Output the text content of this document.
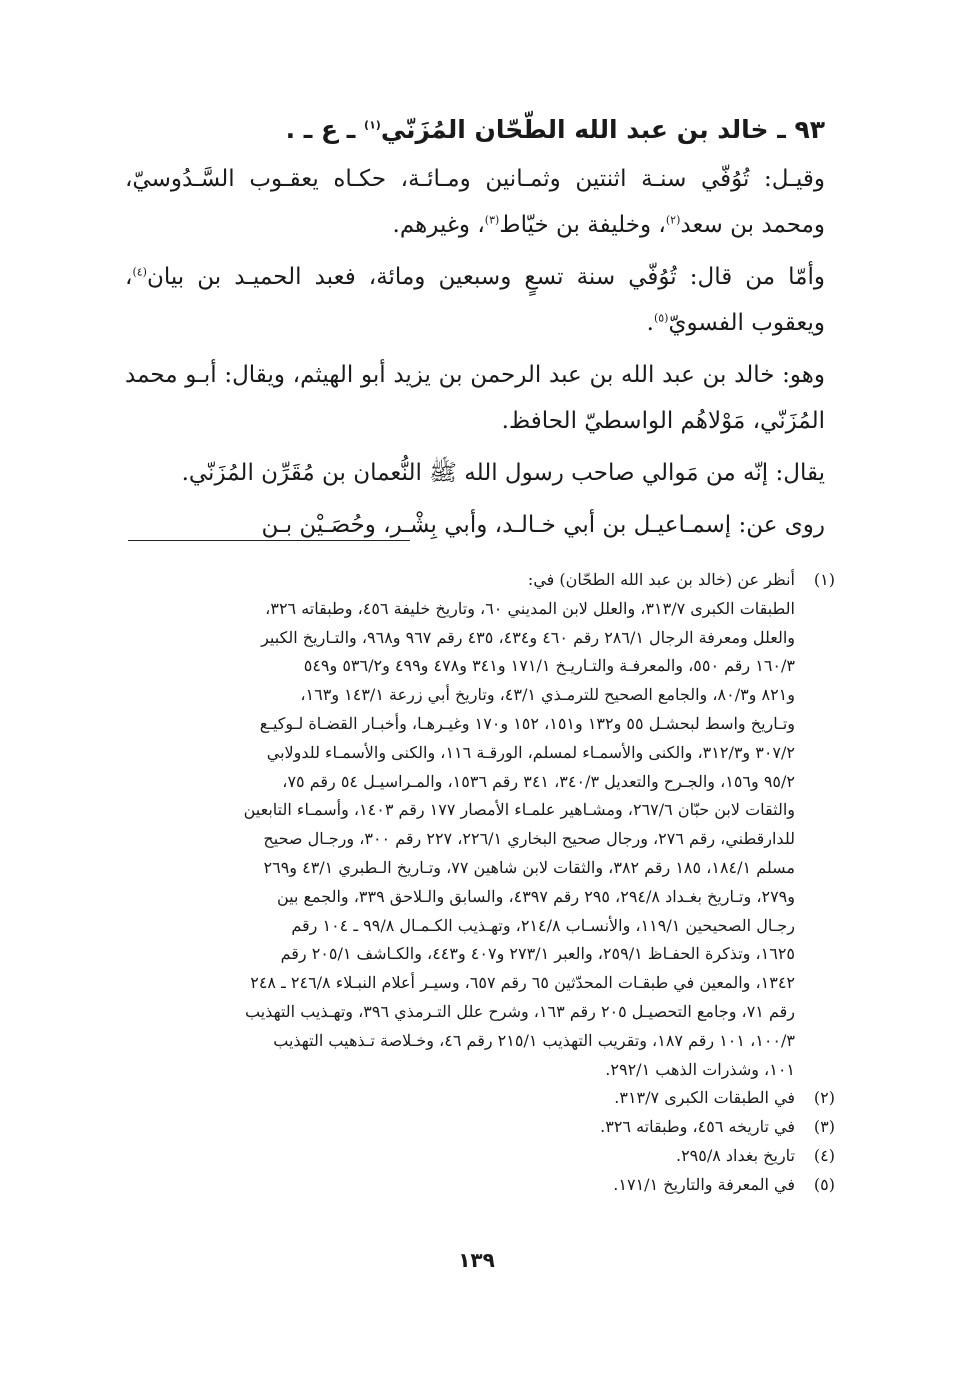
٩٣ ـ خالد بن عبد الله الطّحّان المُزَنّي$^{(١)}$ ـ ع ـ .

وقيـل: تُوُفّي سنـة اثنتين وثمـانين ومـائـة، حكـاه يعقـوب السَّـدُوسيّ، ومحمد بن سعد$^{(٢)}$، وخليفة بن خيّاط$^{(٣)}$، وغيرهم.

وأمّا من قال: تُوُفّي سنة تسعٍ وسبعين ومائة، فعبد الحميـد بن بيان$^{(٤)}$، ويعقوب الفسويّ$^{(٥)}$.

وهو: خالد بن عبد الله بن عبد الرحمن بن يزيد أبو الهيثم، ويقال: أبـو محمد المُزَنّي، مَوْلاهُم الواسطيّ الحافظ.

يقال: إنّه من مَوالي صاحب رسول الله ﷺ النُّعمان بن مُقَرِّن المُزَنّي.

روى عن: إسمـاعيـل بن أبي خـالـد، وأبي بِشْـر، وحُصَـيْن بـن

(١)

أنظر عن (خالد بن عبد الله الطحّان) في:

الطبقات الكبرى ٣١٣/٧، والعلل لابن المديني ٦٠، وتاريخ خليفة ٤٥٦، وطبقاته ٣٢٦،

والعلل ومعرفة الرجال ٢٨٦/١ رقم ٤٦٠ و٤٣٤، ٤٣٥ رقم ٩٦٧ و٩٦٨، والتـاريخ الكبير

١٦٠/٣ رقم ٥٥٠، والمعرفـة والتـاريـخ ١٧١/١ و٣٤١ و٤٧٨ و٤٩٩ و٥٣٦/٢ و٥٤٩

و٨٢١ و٨٠/٣، والجامع الصحيح للترمـذي ٤٣/١، وتاريخ أبي زرعة ١٤٣/١ و١٦٣،

وتـاريخ واسط لبحشـل ٥٥ و١٣٢ و١٥١، ١٥٢ و١٧٠ وغيـرهـا، وأخبـار القضـاة لـوكيـع

٣٠٧/٢ و٣١٢/٣، والكنى والأسمـاء لمسلم، الورقـة ١١٦، والكنى والأسمـاء للدولابي

٩٥/٢ و١٥٦، والجـرح والتعديل ٣٤٠/٣، ٣٤١ رقم ١٥٣٦، والمـراسيـل ٥٤ رقم ٧٥،

والثقات لابن حبّان ٢٦٧/٦، ومشـاهير علمـاء الأمصار ١٧٧ رقم ١٤٠٣، وأسمـاء التابعين

للدارقطني، رقم ٢٧٦، ورجال صحيح البخاري ٢٢٦/١، ٢٢٧ رقم ٣٠٠، ورجـال صحيح

مسلم ١٨٤/١، ١٨٥ رقم ٣٨٢، والثقات لابن شاهين ٧٧، وتـاريخ الـطبري ٤٣/١ و٢٦٩

و٢٧٩، وتـاريخ بغـداد ٢٩٤/٨، ٢٩٥ رقم ٤٣٩٧، والسابق والـلاحق ٣٣٩، والجمع بين

رجـال الصحيحين ١١٩/١، والأنسـاب ٢١٤/٨، وتهـذيب الكـمـال ٩٩/٨ ـ ١٠٤ رقم

١٦٢٥، وتذكرة الحفـاظ ٢٥٩/١، والعبر ٢٧٣/١ و٤٠٧ و٤٤٣، والكـاشف ٢٠٥/١ رقم

١٣٤٢، والمعين في طبقـات المحدّثين ٦٥ رقم ٦٥٧، وسيـر أعلام النبـلاء ٢٤٦/٨ ـ ٢٤٨

رقم ٧١، وجامع التحصيـل ٢٠٥ رقم ١٦٣، وشرح علل التـرمذي ٣٩٦، وتهـذيب التهذيب

١٠٠/٣، ١٠١ رقم ١٨٧، وتقريب التهذيب ٢١٥/١ رقم ٤٦، وخـلاصة تـذهيب التهذيب

١٠١، وشذرات الذهب ٢٩٢/١.

(٢)
في الطبقات الكبرى ٣١٣/٧.
(٣)
في تاريخه ٤٥٦، وطبقاته ٣٢٦.
(٤)
تاريخ بغداد ٢٩٥/٨.
(٥)
في المعرفة والتاريخ ١٧١/١.
١٣٩
